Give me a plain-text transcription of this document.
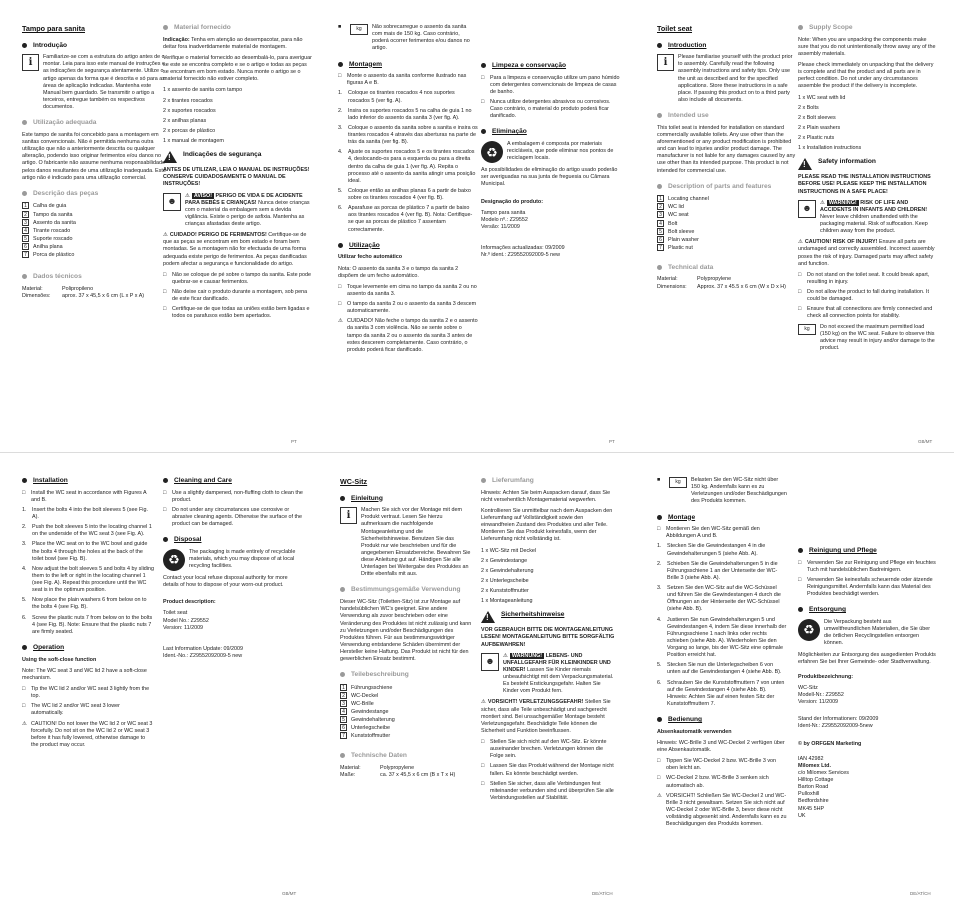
Tampo para sanita
Introdução
i	Familiarize-se com a estrutura do artigo antes de o montar. Leia para isso este manual de instruções e as indicações de segurança atentamente. Utilize o artigo apenas da forma que é descrita e só para as áreas de aplicação indicadas. Mantenha este Manual bem guardado. Se transmitir o artigo a terceiros, entregue também os respectivos documentos.
Utilização adequada

Este tampo de sanita foi concebido para a montagem em sanitas convencionais. Não é permitida nenhuma outra utilização que não a anteriormente descrita ou qualquer alteração, podendo isso originar ferimentos e/ou danos no artigo. O fabricante não assume nenhuma responsabilidade pelos danos resultantes de uma utilização inadequada. Este artigo não é indicado para uma utilização comercial.

Descrição das peças
1 Calha de guia
2 Tampo da sanita
3 Assento da sanita
4 Tirante roscado
5 Suporte roscado
6 Anilha plana
7 Porca de plástico
Dados técnicos
Material:	Polipropileno
Dimensões:	aprox. 37 x 45,5 x 6 cm (L x P x A)
Material fornecido

Indicação: Tenha em atenção ao desempacotar, para não deitar fora inadvertidamente material de montagem.

Verifique o material fornecido ao desembalá-lo, para averiguar se este se encontra completo e se o artigo e todas as peças se encontram em bom estado. Nunca monte o artigo se o material fornecido não estiver completo.

1 x assento de sanita com tampo
2 x tirantes roscados
2 x suportes roscados
2 x anilhas planas
2 x porcas de plástico
1 x manual de montagem
!
Indicações de segurança

ANTES DE UTILIZAR, LEIA O MANUAL DE INSTRUÇÕES! CONSERVE CUIDADOSAMENTE O MANUAL DE INSTRUÇÕES!

☻
⚠ AVISO! PERIGO DE VIDA E DE ACIDENTE PARA BEBÉS E CRIANÇAS! Nunca deixe crianças com o material da embalagem sem a devida vigilância. Existe o perigo de asfixia. Mantenha as crianças afastadas deste artigo.

⚠ CUIDADO! PERIGO DE FERIMENTOS! Certifique-se de que as peças se encontram em bom estado e foram bem montadas. Se a montagem não for efectuada de uma forma adequada existe perigo de ferimentos. As peças danificadas podem afectar a segurança e funcionalidade do artigo.

□	Não se coloque de pé sobre o tampo da sanita. Este pode quebrar-se e causar ferimentos.
□	Não deixe cair o produto durante a montagem, sob pena de este ficar danificado.
□	Certifique-se de que todas as uniões estão bem ligadas e todos os parafusos estão bem apertados.
■	kg	Não sobrecarregue o assento da sanita com mais de 150 kg. Caso contrário, poderá ocorrer ferimentos e/ou danos no artigo.
Montagem
□	Monte o assento da sanita conforme ilustrado nas figuras A e B.
1.	Coloque os tirantes roscados 4 nos suportes roscados 5 (ver fig. A).
2.	Insira os suportes roscados 5 na calha de guia 1 no lado inferior do assento da sanita 3 (ver fig. A).
3.	Coloque o assento da sanita sobre a sanita e insira os tirantes roscados 4 através das aberturas na parte de trás da sanita (ver fig. B).
4.	Ajuste os suportes roscados 5 e os tirantes roscados 4, deslocando-os para a esquerda ou para a direita dentro da calha de guia 1 (ver fig. A). Repita o processo até o assento da sanita atingir uma posição ideal.
5.	Coloque então as anilhas planas 6 a partir de baixo sobre os tirantes roscados 4 (ver fig. B).
6.	Aparafuse as porcas de plástico 7 a partir de baixo aos tirantes roscados 4 (ver fig. B). Nota: Certifique-se que as porcas de plástico 7 assentam correctamente.
Utilização

Utilizar fecho automático

Nota: O assento da sanita 3 e o tampo da sanita 2 dispõem de um fecho automático.

□	Toque levemente em cima no tampo da sanita 2 ou no assento da sanita 3.
□	O tampo da sanita 2 ou o assento da sanita 3 descem automaticamente.
⚠ CUIDADO! Não feche o tampo da sanita 2 e o assento da sanita 3 com violência. Não se sente sobre o tampo da sanita 2 ou o assento da sanita 3 antes de estes descerem completamente. Caso contrário, o produto poderá ficar danificado.
Limpeza e conservação
□	Para a limpeza e conservação utilize um pano húmido com detergentes convencionais de limpeza de casas de banho.
□	Nunca utilize detergentes abrasivos ou corrosivos. Caso contrário, o material do produto poderá ficar danificado.
Eliminação
♻
A embalagem é composta por materiais recicláveis, que pode eliminar nos pontos de reciclagem locais.

As possibilidades de eliminação do artigo usado poderão ser averiguadas na sua junta de freguesia ou Câmara Municipal.

Designação do produto:

Tampo para sanita
Modelo nº.: Z29552
Versão: 11/2009
Informações actualizadas: 09/2009
Nr.º ident.: Z29552092009-5 new
PT	PT
Toilet seat
Introduction
i	Please familiarise yourself with the product prior to assembly. Carefully read the following assembly instructions and safety tips. Only use the unit as described and for the specified applications. Store these instructions in a safe place. If passing this product on to a third party also include all documents.
Intended use

This toilet seat is intended for installation on standard commercially available toilets. Any use other than the aforementioned or any product modification is prohibited and can lead to injuries and/or product damage. The manufacturer is not liable for any damages caused by any use other than its intended purpose. This product is not intended for commercial use.

Description of parts and features
1 Locating channel
2 WC lid
3 WC seat
4 Bolt
5 Bolt sleeve
6 Plain washer
7 Plastic nut
Technical data
Material:	Polypropylene
Dimensions:	Approx. 37 x 45.5 x 6 cm (W x D x H)
Supply Scope

Note: When you are unpacking the components make sure that you do not unintentionally throw away any of the assembly materials.

Please check immediately on unpacking that the delivery is complete and that the product and all parts are in perfect condition. Do not under any circumstances assemble the product if the delivery is incomplete.

1 x WC seat with lid
2 x Bolts
2 x Bolt sleeves
2 x Plain washers
2 x Plastic nuts
1 x Installation instructions
!
Safety information

PLEASE READ THE INSTALLATION INSTRUCTIONS BEFORE USE! PLEASE KEEP THE INSTALLATION INSTRUCTIONS IN A SAFE PLACE!

☻
⚠ WARNING! RISK OF LIFE AND ACCIDENTS IN INFANTS AND CHILDREN! Never leave children unattended with the packaging material. Risk of suffocation. Keep children away from the product.

⚠ CAUTION! RISK OF INJURY! Ensure all parts are undamaged and correctly assembled. Incorrect assembly poses the risk of injury. Damaged parts may affect safety and function.

□	Do not stand on the toilet seat. It could break apart, resulting in injury.
□	Do not allow the product to fall during installation. It could be damaged.
□	Ensure that all connections are firmly connected and check all connection points for stability.
kg	Do not exceed the maximum permitted load (150 kg) on the WC seat. Failure to observe this advice may result in injury and/or damage to the product.
GB/MT
Installation
□	Install the WC seat in accordance with Figures A and B.
1.	Insert the bolts 4 into the bolt sleeves 5 (see Fig. A).
2.	Push the bolt sleeves 5 into the locating channel 1 on the underside of the WC seat 3 (see Fig. A).
3.	Place the WC seat on to the WC bowl and guide the bolts 4 through the holes at the back of the toilet bowl (see Fig. B).
4.	Now adjust the bolt sleeves 5 and bolts 4 by sliding them to the left or right in the locating channel 1 (see Fig. A). Repeat this procedure until the WC seat is in the optimum position.
5.	Now place the plain washers 6 from below on to the bolts 4 (see Fig. B).
6.	Screw the plastic nuts 7 from below on to the bolts 4 (see Fig. B). Note: Ensure that the plastic nuts 7 are firmly seated.
Operation

Using the soft-close function

Note: The WC seat 3 and WC lid 2 have a soft-close mechanism.

□	Tip the WC lid 2 and/or WC seat 3 lightly from the top.
□	The WC lid 2 and/or WC seat 3 lower automatically.
⚠ CAUTION! Do not lower the WC lid 2 or WC seat 3 forcefully. Do not sit on the WC lid 2 or WC seat 3 before it has fully lowered, otherwise damage to the product may occur.
Cleaning and Care
□	Use a slightly dampened, non-fluffing cloth to clean the product.
□	Do not under any circumstances use corrosive or abrasive cleaning agents. Otherwise the surface of the product can be damaged.
Disposal
♻
The packaging is made entirely of recyclable materials, which you may dispose of at local recycling facilities.

Contact your local refuse disposal authority for more details of how to dispose of your worn-out product.

Product description:

Toilet seat
Model No.: Z29552
Version: 11/2009
Last Information Update: 09/2009
Ident.-No.: Z29552092009-5 new
GB/MT
WC-Sitz
Einleitung
i	Machen Sie sich vor der Montage mit dem Produkt vertraut. Lesen Sie hierzu aufmerksam die nachfolgende Montageanleitung und die Sicherheitshinweise. Benutzen Sie das Produkt nur wie beschrieben und für die angegebenen Einsatzbereiche. Bewahren Sie diese Anleitung gut auf. Händigen Sie alle Unterlagen bei Weitergabe des Produktes an Dritte ebenfalls mit aus.
Bestimmungsgemäße Verwendung

Dieser WC-Sitz (Toiletten-Sitz) ist zur Montage auf handelsüblichen WC's geeignet. Eine andere Verwendung als zuvor beschrieben oder eine Veränderung des Produktes ist nicht zulässig und kann zu Verletzungen und/oder Beschädigungen des Produktes führen. Für aus bestimmungswidriger Verwendung entstandene Schäden übernimmt der Hersteller keine Haftung. Das Produkt ist nicht für den gewerblichen Einsatz bestimmt.

Teilebeschreibung
1 Führungsschiene
2 WC-Deckel
3 WC-Brille
4 Gewindestange
5 Gewindehalterung
6 Unterlegscheibe
7 Kunststoffmutter
Technische Daten
Material:	Polypropylene
Maße:	ca. 37 x 45,5 x 6 cm (B x T x H)
Lieferumfang

Hinweis: Achten Sie beim Auspacken darauf, dass Sie nicht versehentlich Montagematerial wegwerfen.

Kontrollieren Sie unmittelbar nach dem Auspacken den Lieferumfang auf Vollständigkeit sowie den einwandfreien Zustand des Produktes und aller Teile. Montieren Sie das Produkt keinesfalls, wenn der Lieferumfang nicht vollständig ist.

1 x WC-Sitz mit Deckel
2 x Gewindestange
2 x Gewindehalterung
2 x Unterlegscheibe
2 x Kunststoffmutter
1 x Montageanleitung
!
Sicherheitshinweise

VOR GEBRAUCH BITTE DIE MONTAGEANLEITUNG LESEN! MONTAGEANLEITUNG BITTE SORGFÄLTIG AUFBEWAHREN!

☻
⚠ WARNUNG! LEBENS- UND UNFALLGEFAHR FÜR KLEINKINDER UND KINDER! Lassen Sie Kinder niemals unbeaufsichtigt mit dem Verpackungsmaterial. Es besteht Erstickungsgefahr. Halten Sie Kinder vom Produkt fern.

⚠ VORSICHT! VERLETZUNGSGEFAHR! Stellen Sie sicher, dass alle Teile unbeschädigt und sachgerecht montiert sind. Bei unsachgemäßer Montage besteht Verletzungsgefahr. Beschädigte Teile können die Sicherheit und Funktion beeinflussen.

□	Stellen Sie sich nicht auf den WC-Sitz. Er könnte auseinander brechen. Verletzungen können die Folge sein.
□	Lassen Sie das Produkt während der Montage nicht fallen. Es könnte beschädigt werden.
□	Stellen Sie sicher, dass alle Verbindungen fest miteinander verbunden sind und überprüfen Sie alle Verbindungsstellen auf Stabilität.
DE/AT/CH
■	kg	Belasten Sie den WC-Sitz nicht über 150 kg. Andernfalls kann es zu Verletzungen und/oder Beschädigungen des Produkts kommen.
Montage
□	Montieren Sie den WC-Sitz gemäß den Abbildungen A und B.
1.	Stecken Sie die Gewindestangen 4 in die Gewindehalterungen 5 (siehe Abb. A).
2.	Schieben Sie die Gewindehalterungen 5 in die Führungsschiene 1 an der Unterseite der WC-Brille 3 (siehe Abb. A).
3.	Setzen Sie den WC-Sitz auf die WC-Schüssel und führen Sie die Gewindestangen 4 durch die Öffnungen an der Hinterseite der WC-Schüssel (siehe Abb. B).
4.	Justieren Sie nun Gewindehalterungen 5 und Gewindestangen 4, indem Sie diese innerhalb der Führungsschiene 1 nach links oder rechts schieben (siehe Abb. A). Wiederholen Sie den Vorgang so lange, bis der WC-Sitz eine optimale Position erreicht hat.
5.	Stecken Sie nun die Unterlegscheiben 6 von unten auf die Gewindestangen 4 (siehe Abb. B).
6.	Schrauben Sie die Kunststoffmuttern 7 von unten auf die Gewindestangen 4 (siehe Abb. B). Hinweis: Achten Sie auf einen festen Sitz der Kunststoffmuttern 7.
Bedienung

Absenkautomatik verwenden

Hinweis: WC-Brille 3 und WC-Deckel 2 verfügen über eine Absenkautomatik.

□	Tippen Sie WC-Deckel 2 bzw. WC-Brille 3 von oben leicht an.
□	WC-Deckel 2 bzw. WC-Brille 3 senken sich automatisch ab.
⚠ VORSICHT! Schließen Sie WC-Deckel 2 und WC-Brille 3 nicht gewaltsam. Setzen Sie sich nicht auf WC-Deckel 2 oder WC-Brille 3, bevor diese nicht vollständig abgesenkt sind. Andernfalls kann es zu Beschädigungen des Produkts kommen.
Reinigung und Pflege
□	Verwenden Sie zur Reinigung und Pflege ein feuchtes Tuch mit handelsüblichen Badreinigern.
□	Verwenden Sie keinesfalls scheuernde oder ätzende Reinigungsmittel. Andernfalls kann das Material des Produktes beschädigt werden.
Entsorgung
♻
Die Verpackung besteht aus umweltfreundlichen Materialien, die Sie über die örtlichen Recyclingstellen entsorgen können.

Möglichkeiten zur Entsorgung des ausgedienten Produkts erfahren Sie bei Ihrer Gemeinde- oder Stadtverwaltung.

Produktbezeichnung:

WC-Sitz
Modell-Nr.: Z29552
Version: 11/2009
Stand der Informationen: 09/2009
Ident-Nr.: Z29552092009-5new
© by ORFGEN Marketing
IAN 42982
Milomex Ltd.
c/o Milomex Services
Hilltop Cottage
Barton Road
Pulloxhill
Bedfordshire
MK45 5HP
UK
DE/AT/CH
